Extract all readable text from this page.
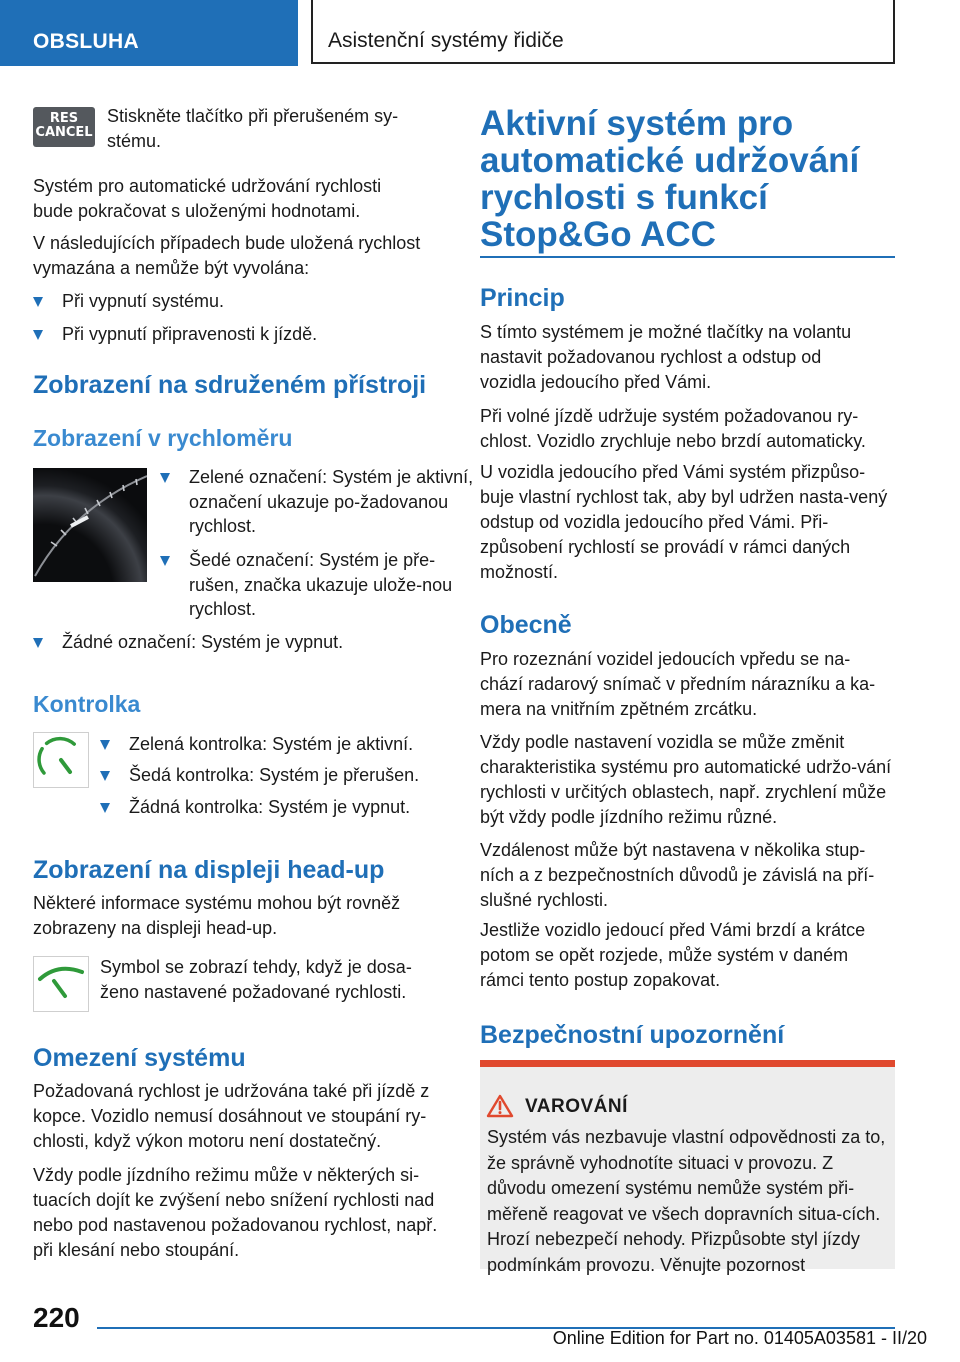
OBSLUHA	Asistenční systémy řidiče
RES
CANCEL

Stiskněte tlačítko při přerušeném sy-stému.

Systém pro automatické udržování rychlosti bude pokračovat s uloženými hodnotami.

V následujících případech bude uložená rychlost vymazána a nemůže být vyvolána:

Při vypnutí systému.
Při vypnutí připravenosti k jízdě.
Zobrazení na sdruženém přístroji
Zobrazení v rychloměru
Zelené označení: Systém je aktivní, označení ukazuje po-žadovanou rychlost.
Šedé označení: Systém je pře-rušen, značka ukazuje ulože-nou rychlost.
Žádné označení: Systém je vypnut.
Kontrolka
Zelená kontrolka: Systém je aktivní.
Šedá kontrolka: Systém je přerušen.
Žádná kontrolka: Systém je vypnut.
Zobrazení na displeji head-up

Některé informace systému mohou být rovněž zobrazeny na displeji head-up.

Symbol se zobrazí tehdy, když je dosa-ženo nastavené požadované rychlosti.

Omezení systému

Požadovaná rychlost je udržována také při jízdě z kopce. Vozidlo nemusí dosáhnout ve stoupání ry-chlosti, když výkon motoru není dostatečný.

Vždy podle jízdního režimu může v některých si-tuacích dojít ke zvýšení nebo snížení rychlosti nad nebo pod nastavenou požadovanou rychlost, např. při klesání nebo stoupání.

Aktivní systém pro automatické udržování rychlosti s funkcí Stop&Go ACC
Princip

S tímto systémem je možné tlačítky na volantu nastavit požadovanou rychlost a odstup od vozidla jedoucího před Vámi.

Při volné jízdě udržuje systém požadovanou ry-chlost. Vozidlo zrychluje nebo brzdí automaticky.

U vozidla jedoucího před Vámi systém přizpůso-buje vlastní rychlost tak, aby byl udržen nasta-vený odstup od vozidla jedoucího před Vámi. Při-způsobení rychlostí se provádí v rámci daných možností.

Obecně

Pro rozeznání vozidel jedoucích vpředu se na-chází radarový snímač v předním nárazníku a ka-mera na vnitřním zpětném zrcátku.

Vždy podle nastavení vozidla se může změnit charakteristika systému pro automatické udržo-vání rychlosti v určitých oblastech, např. zrychlení může být vždy podle jízdního režimu různé.

Vzdálenost může být nastavena v několika stup-ních a z bezpečnostních důvodů je závislá na pří-slušné rychlosti.

Jestliže vozidlo jedoucí před Vámi brzdí a krátce potom se opět rozjede, může systém v daném rámci tento postup zopakovat.

Bezpečnostní upozornění
VAROVÁNÍ
Systém vás nezbavuje vlastní odpovědnosti za to, že správně vyhodnotíte situaci v provozu. Z důvodu omezení systému nemůže systém při-měřeně reagovat ve všech dopravních situa-cích. Hrozí nebezpečí nehody. Přizpůsobte styl jízdy podmínkám provozu. Věnujte pozornost
220
Online Edition for Part no. 01405A03581 - II/20
